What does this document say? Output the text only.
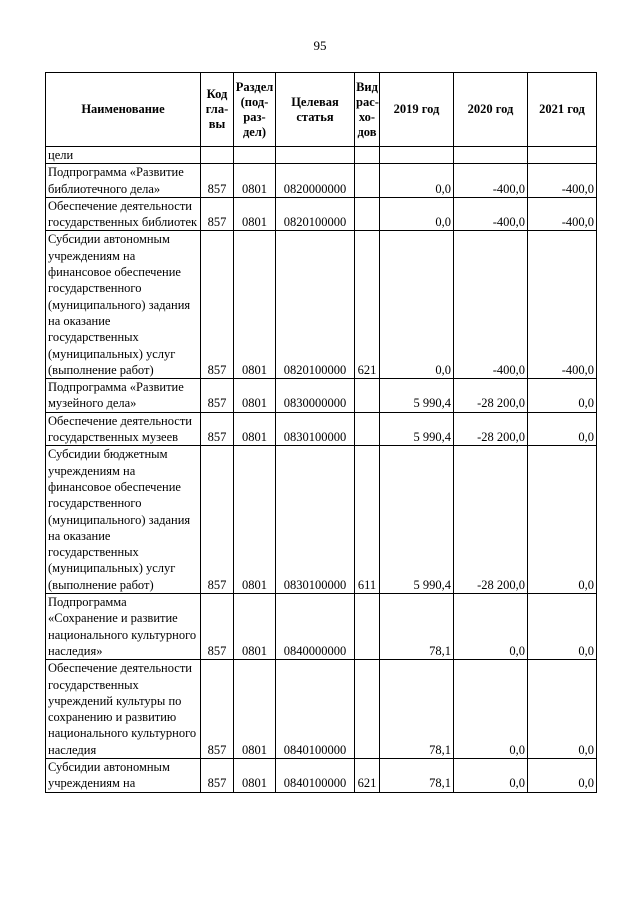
95
Наименование	Код гла-вы	Раздел (под-раз-дел)	Целевая статья	Вид рас-хо-дов	2019 год	2020 год	2021 год
цели							
Подпрограмма «Развитие библиотечного дела»	857	0801	0820000000		0,0	-400,0	-400,0
Обеспечение деятельности государственных библиотек	857	0801	0820100000		0,0	-400,0	-400,0
Субсидии автономным учреждениям на финансовое обеспечение государственного (муниципального) задания на оказание государственных (муниципальных) услуг (выполнение работ)	857	0801	0820100000	621	0,0	-400,0	-400,0
Подпрограмма «Развитие музейного дела»	857	0801	0830000000		5 990,4	-28 200,0	0,0
Обеспечение деятельности государственных музеев	857	0801	0830100000		5 990,4	-28 200,0	0,0
Субсидии бюджетным учреждениям на финансовое обеспечение государственного (муниципального) задания на оказание государственных (муниципальных) услуг (выполнение работ)	857	0801	0830100000	611	5 990,4	-28 200,0	0,0
Подпрограмма «Сохранение и развитие национального культурного наследия»	857	0801	0840000000		78,1	0,0	0,0
Обеспечение деятельности государственных учреждений культуры по сохранению и развитию национального культурного наследия	857	0801	0840100000		78,1	0,0	0,0
Субсидии автономным учреждениям на	857	0801	0840100000	621	78,1	0,0	0,0
